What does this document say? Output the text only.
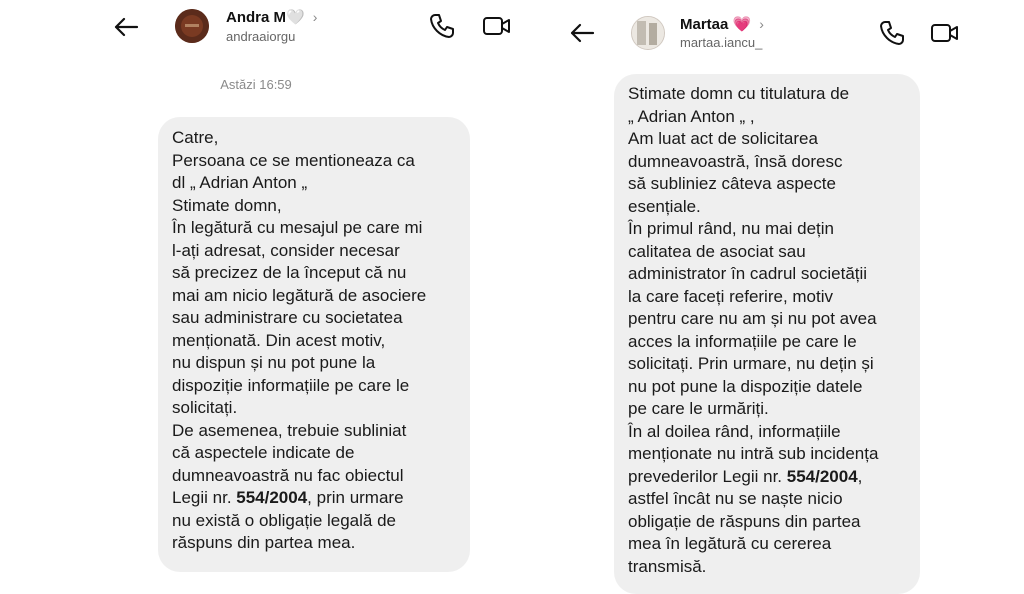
Andra M🤍 ›
andraaiorgu
Astăzi 16:59
Catre,
Persoana ce se mentioneaza ca
dl „ Adrian Anton „
Stimate domn,
În legătură cu mesajul pe care mi
l-ați adresat, consider necesar
să precizez de la început că nu
mai am nicio legătură de asociere
sau administrare cu societatea
menționată. Din acest motiv,
nu dispun și nu pot pune la
dispoziție informațiile pe care le
solicitați.
De asemenea, trebuie subliniat
că aspectele indicate de
dumneavoastră nu fac obiectul
Legii nr. 554/2004, prin urmare
nu există o obligație legală de
răspuns din partea mea.
Martaa 💗 ›
martaa.iancu_
Stimate domn cu titulatura de
„ Adrian Anton „ ,
Am luat act de solicitarea
dumneavoastră, însă doresc
să subliniez câteva aspecte
esențiale.
În primul rând, nu mai dețin
calitatea de asociat sau
administrator în cadrul societății
la care faceți referire, motiv
pentru care nu am și nu pot avea
acces la informațiile pe care le
solicitați. Prin urmare, nu dețin și
nu pot pune la dispoziție datele
pe care le urmăriți.
În al doilea rând, informațiile
menționate nu intră sub incidența
prevederilor Legii nr. 554/2004,
astfel încât nu se naște nicio
obligație de răspuns din partea
mea în legătură cu cererea
transmisă.
